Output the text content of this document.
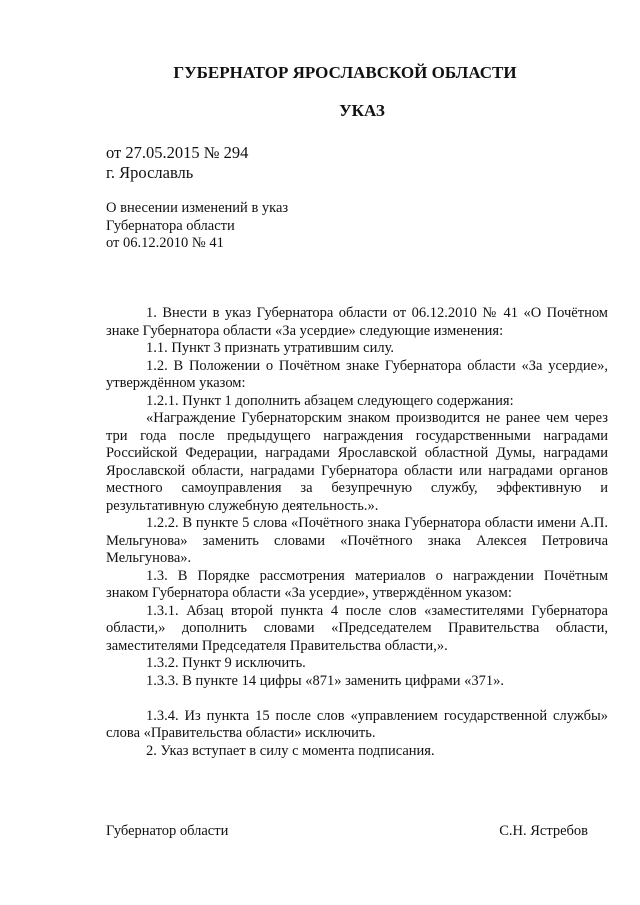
ГУБЕРНАТОР ЯРОСЛАВСКОЙ ОБЛАСТИ
УКАЗ
от 27.05.2015 № 294
г. Ярославль
О внесении изменений в указ
Губернатора области
от 06.12.2010 № 41

1. Внести в указ Губернатора области от 06.12.2010 № 41 «О Почётном знаке Губернатора области «За усердие» следующие изменения:

1.1. Пункт 3 признать утратившим силу.

1.2. В Положении о Почётном знаке Губернатора области «За усердие», утверждённом указом:

1.2.1. Пункт 1 дополнить абзацем следующего содержания:

«Награждение Губернаторским знаком производится не ранее чем через три года после предыдущего награждения государственными наградами Российской Федерации, наградами Ярославской областной Думы, наградами Ярославской области, наградами Губернатора области или наградами органов местного самоуправления за безупречную службу, эффективную и результативную служебную деятельность.».

1.2.2. В пункте 5 слова «Почётного знака Губернатора области имени А.П. Мельгунова» заменить словами «Почётного знака Алексея Петровича Мельгунова».

1.3. В Порядке рассмотрения материалов о награждении Почётным знаком Губернатора области «За усердие», утверждённом указом:

1.3.1. Абзац второй пункта 4 после слов «заместителями Губернатора области,» дополнить словами «Председателем Правительства области, заместителями Председателя Правительства области,».

1.3.2. Пункт 9 исключить.

1.3.3. В пункте 14 цифры «871» заменить цифрами «371».

1.3.4. Из пункта 15 после слов «управлением государственной службы» слова «Правительства области» исключить.

2. Указ вступает в силу с момента подписания.

Губернатор области	С.Н. Ястребов
